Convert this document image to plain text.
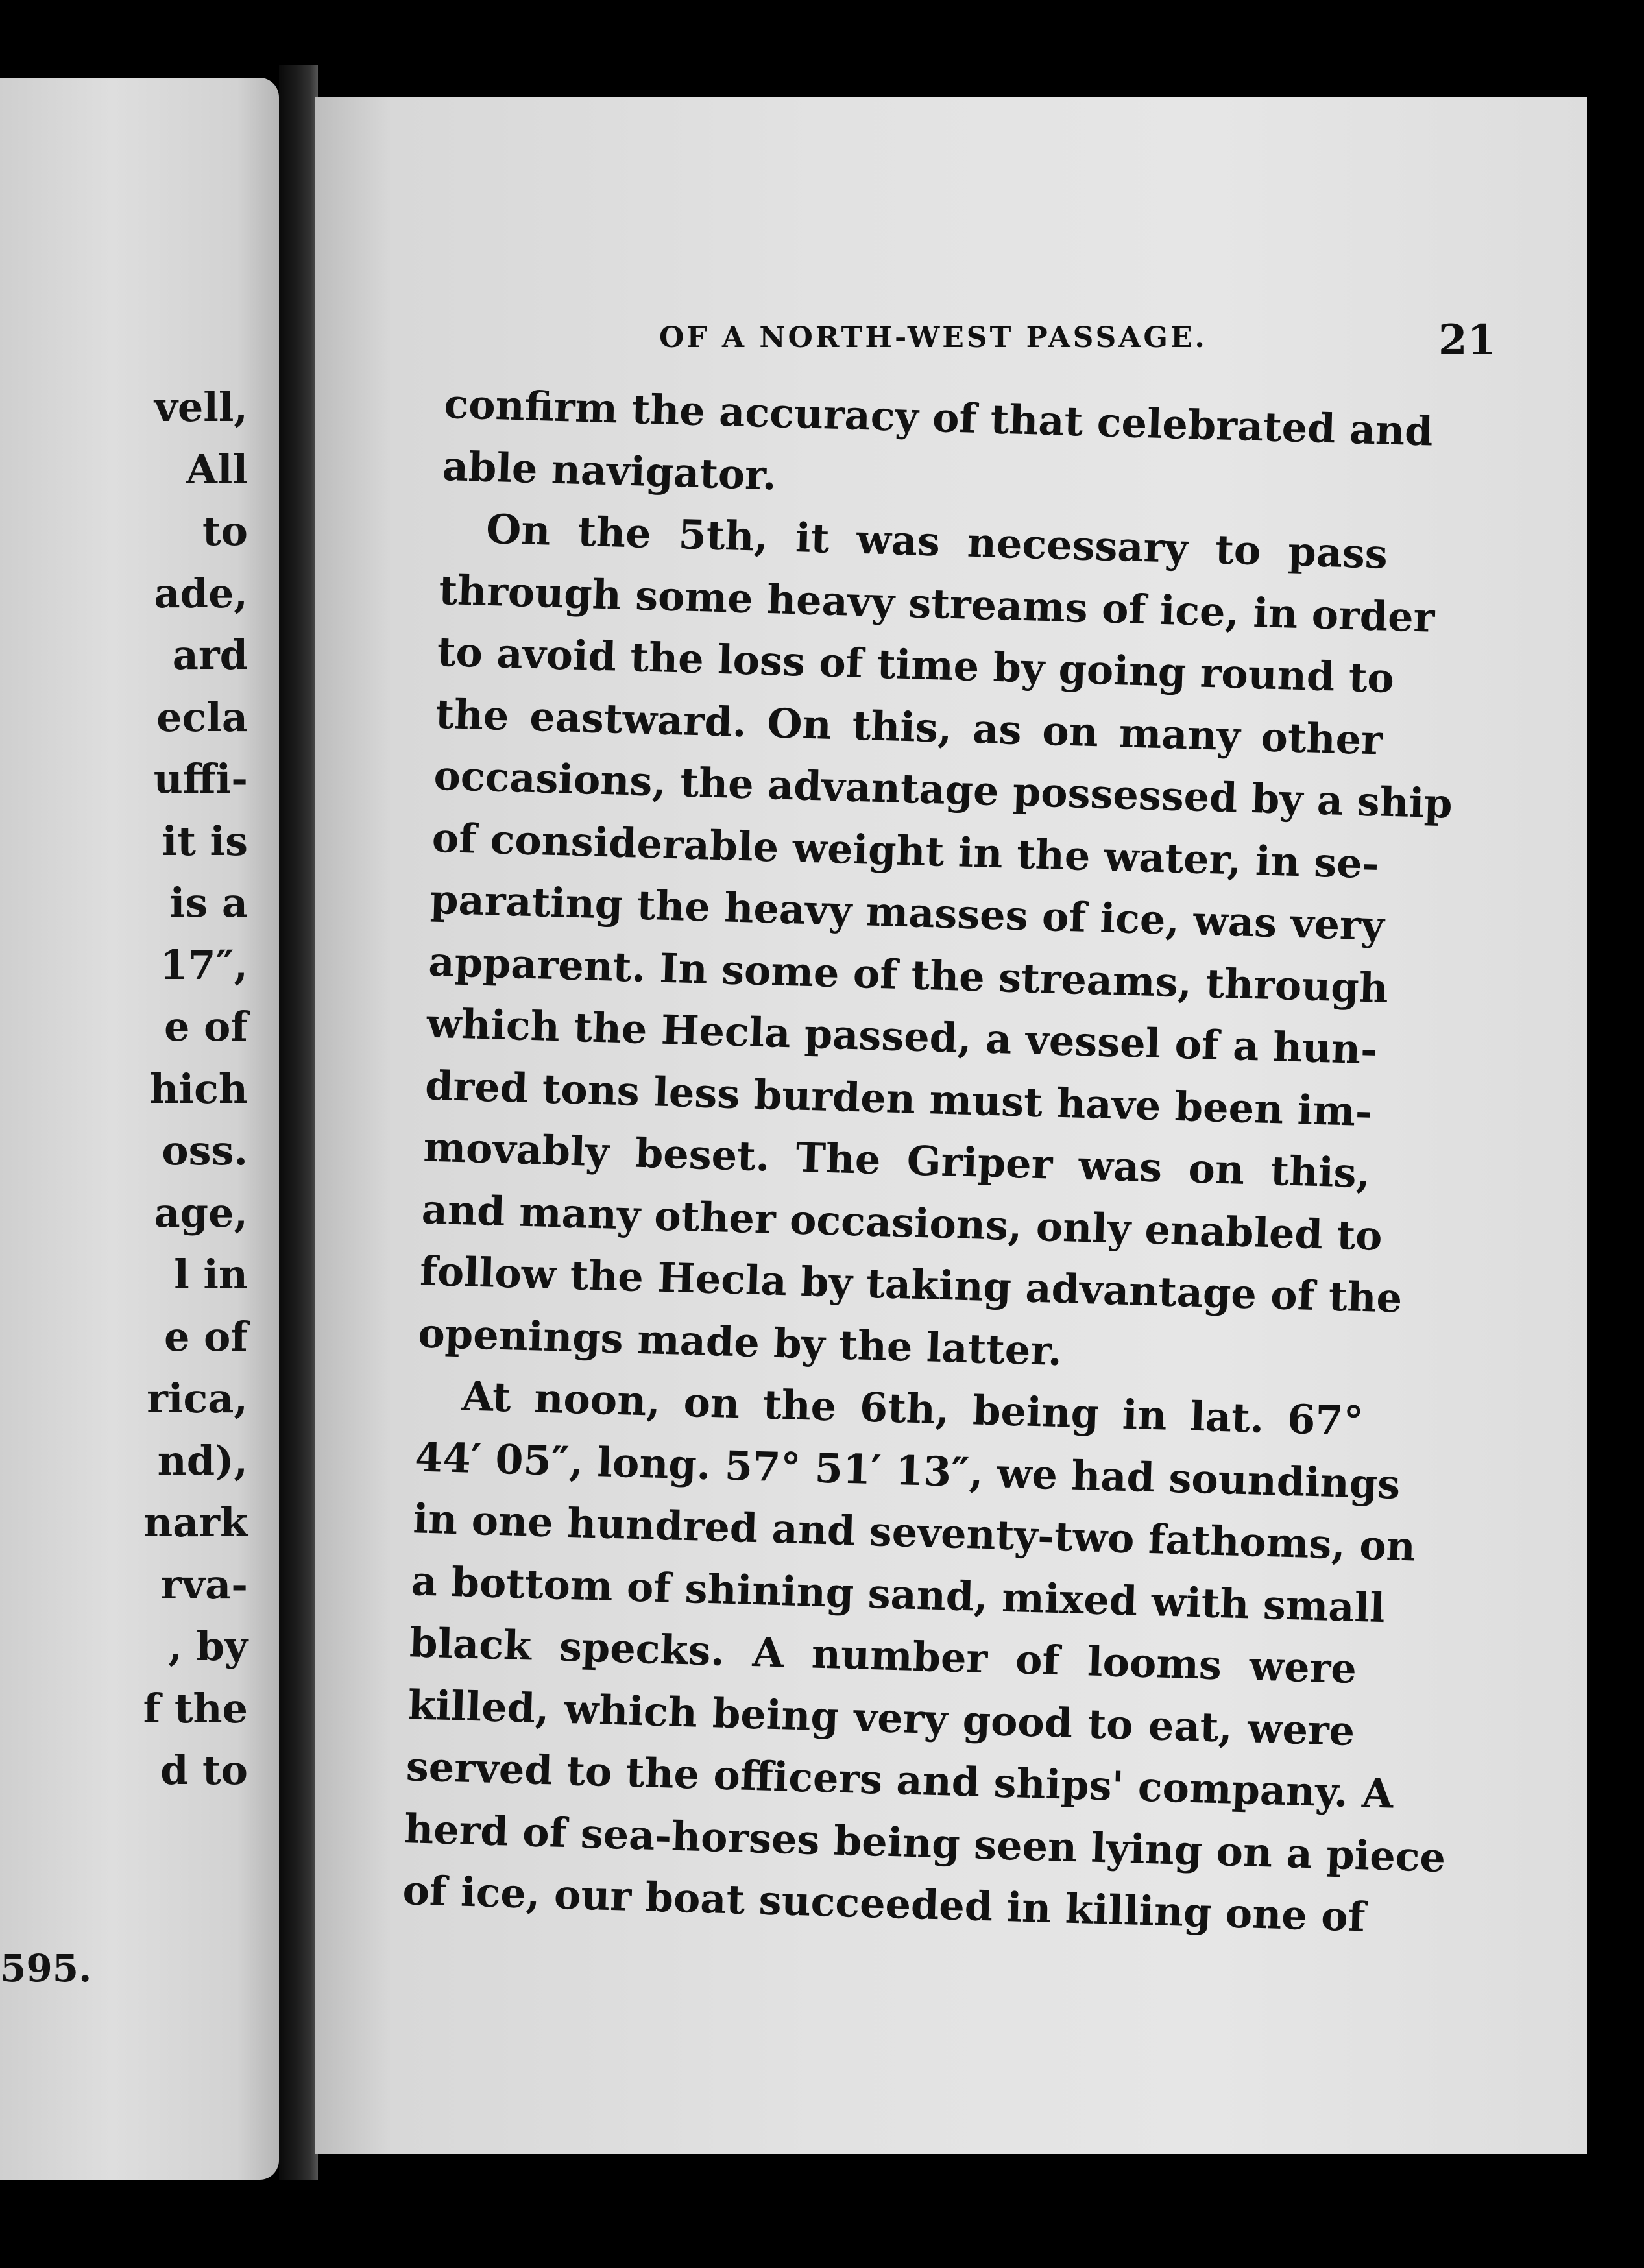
vell,
All
to
ade,
ard
ecla
uffi-
it is
is a
17″,
e of
hich
oss.
age,
l in
e of
rica,
nd),
nark
rva-
, by
f the
d to
595.
OF A NORTH-WEST PASSAGE.	21
confirm the accuracy of that celebrated and
able navigator.
On the 5th, it was necessary to pass
through some heavy streams of ice, in order
to avoid the loss of time by going round to
the eastward. On this, as on many other
occasions, the advantage possessed by a ship
of considerable weight in the water, in se-
parating the heavy masses of ice, was very
apparent. In some of the streams, through
which the Hecla passed, a vessel of a hun-
dred tons less burden must have been im-
movably beset. The Griper was on this,
and many other occasions, only enabled to
follow the Hecla by taking advantage of the
openings made by the latter.
At noon, on the 6th, being in lat. 67°
44′ 05″, long. 57° 51′ 13″, we had soundings
in one hundred and seventy-two fathoms, on
a bottom of shining sand, mixed with small
black specks. A number of looms were
killed, which being very good to eat, were
served to the officers and ships' company. A
herd of sea-horses being seen lying on a piece
of ice, our boat succeeded in killing one of
